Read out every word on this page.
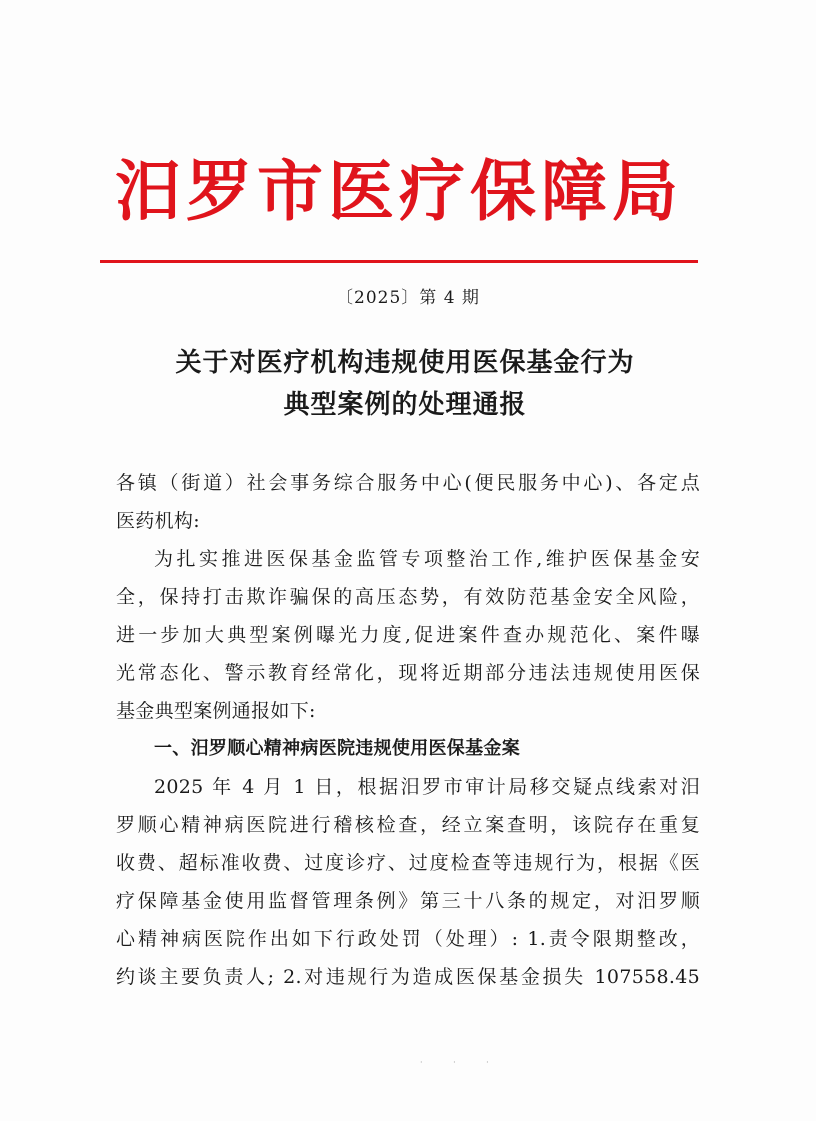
汨罗市医疗保障局
〔2025〕第 4 期
关于对医疗机构违规使用医保基金行为
典型案例的处理通报
各镇（街道）社会事务综合服务中心(便民服务中心)、各定点
医药机构:
为扎实推进医保基金监管专项整治工作,维护医保基金安
全，保持打击欺诈骗保的高压态势，有效防范基金安全风险，
进一步加大典型案例曝光力度,促进案件查办规范化、案件曝
光常态化、警示教育经常化，现将近期部分违法违规使用医保
基金典型案例通报如下:
一、汨罗顺心精神病医院违规使用医保基金案
2025 年 4 月 1 日，根据汨罗市审计局移交疑点线索对汨
罗顺心精神病医院进行稽核检查，经立案查明，该院存在重复
收费、超标准收费、过度诊疗、过度检查等违规行为，根据《医
疗保障基金使用监督管理条例》第三十八条的规定，对汨罗顺
心精神病医院作出如下行政处罚（处理）: 1.责令限期整改，
约谈主要负责人; 2.对违规行为造成医保基金损失 107558.45
· · ·
